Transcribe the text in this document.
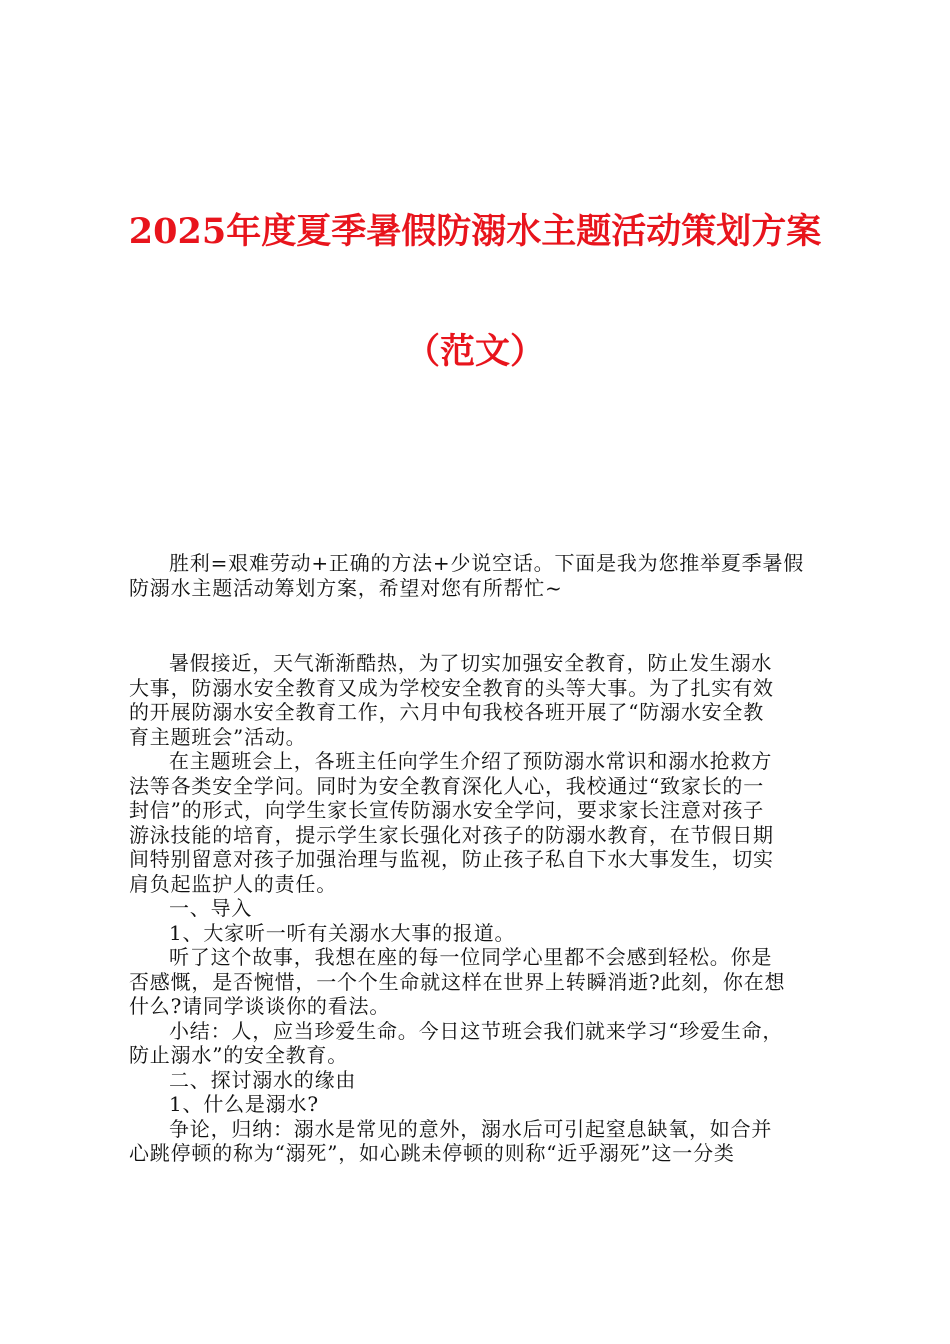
2025年度夏季暑假防溺水主题活动策划方案
（范文）
胜利=艰难劳动+正确的方法+少说空话。下面是我为您推举夏季暑假
防溺水主题活动筹划方案，希望对您有所帮忙~
暑假接近，天气渐渐酷热，为了切实加强安全教育，防止发生溺水
大事，防溺水安全教育又成为学校安全教育的头等大事。为了扎实有效
的开展防溺水安全教育工作，六月中旬我校各班开展了“防溺水安全教
育主题班会”活动。
在主题班会上，各班主任向学生介绍了预防溺水常识和溺水抢救方
法等各类安全学问。同时为安全教育深化人心，我校通过“致家长的一
封信”的形式，向学生家长宣传防溺水安全学问，要求家长注意对孩子
游泳技能的培育，提示学生家长强化对孩子的防溺水教育，在节假日期
间特别留意对孩子加强治理与监视，防止孩子私自下水大事发生，切实
肩负起监护人的责任。
一、导入
1、大家听一听有关溺水大事的报道。
听了这个故事，我想在座的每一位同学心里都不会感到轻松。你是
否感慨，是否惋惜，一个个生命就这样在世界上转瞬消逝?此刻，你在想
什么?请同学谈谈你的看法。
小结：人，应当珍爱生命。今日这节班会我们就来学习“珍爱生命，
防止溺水”的安全教育。
二、探讨溺水的缘由
1、什么是溺水?
争论，归纳：溺水是常见的意外，溺水后可引起窒息缺氧，如合并
心跳停顿的称为“溺死”，如心跳未停顿的则称“近乎溺死”这一分类
